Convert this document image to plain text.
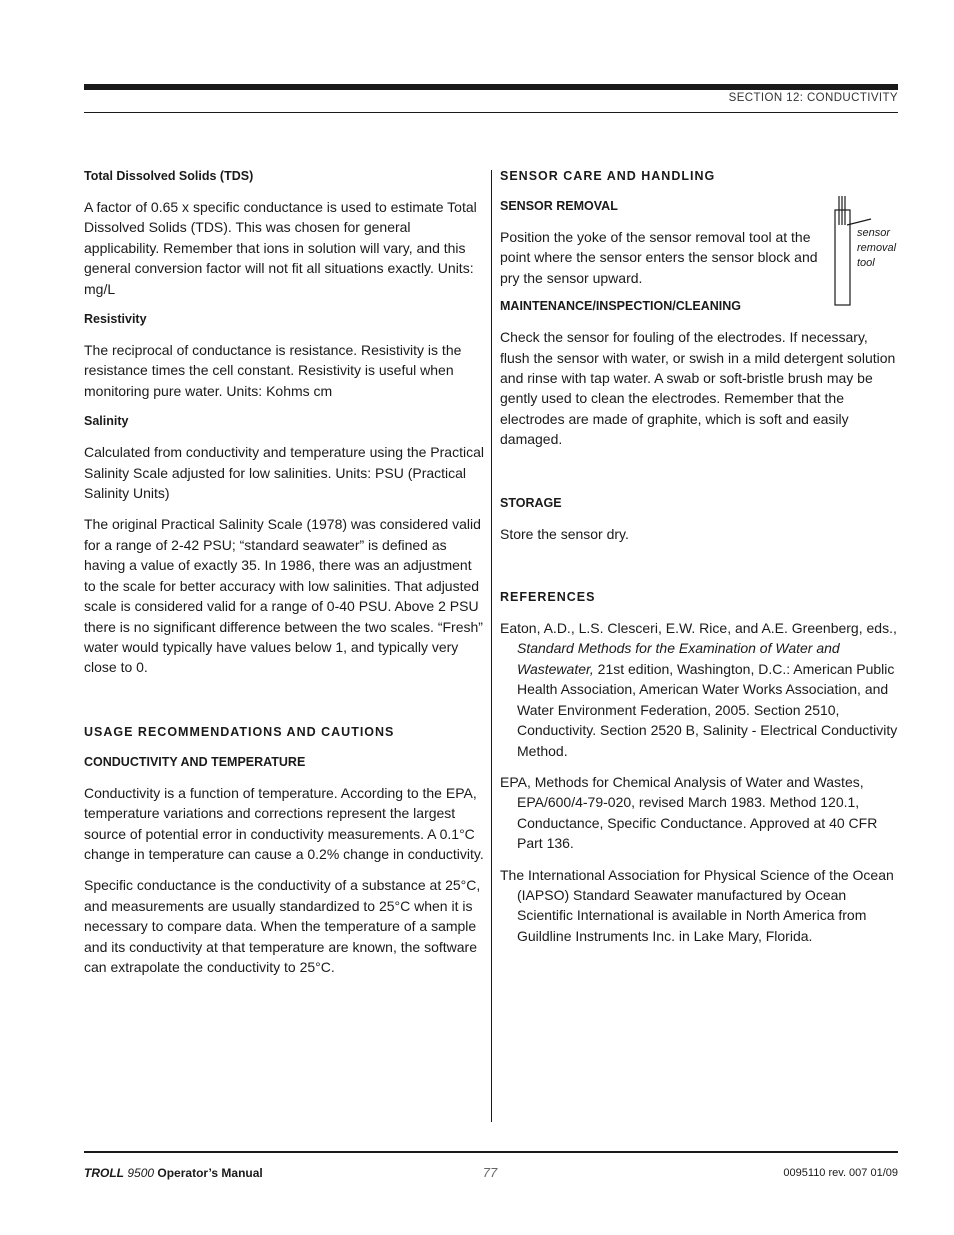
SECTION 12: CONDUCTIVITY
Total Dissolved Solids (TDS)

A factor of 0.65 x specific conductance is used to estimate Total Dissolved Solids (TDS). This was chosen for general applicability. Remember that ions in solution will vary, and this general conversion factor will not fit all situations exactly. Units: mg/L

Resistivity

The reciprocal of conductance is resistance. Resistivity is the resistance times the cell constant. Resistivity is useful when monitoring pure water. Units: Kohms cm

Salinity

Calculated from conductivity and temperature using the Practical Salinity Scale adjusted for low salinities. Units: PSU (Practical Salinity Units)

The original Practical Salinity Scale (1978) was considered valid for a range of 2-42 PSU; “standard seawater” is defined as having a value of exactly 35. In 1986, there was an adjustment to the scale for better accuracy with low salinities. That adjusted scale is considered valid for a range of 0-40 PSU. Above 2 PSU there is no significant difference between the two scales. “Fresh” water would typically have values below 1, and typically very close to 0.

USAGE RECOMMENDATIONS AND CAUTIONS
CONDUCTIVITY AND TEMPERATURE

Conductivity is a function of temperature. According to the EPA, temperature variations and corrections represent the largest source of potential error in conductivity measurements. A 0.1°C change in temperature can cause a 0.2% change in conductivity.

Specific conductance is the conductivity of a substance at 25°C, and measurements are usually standardized to 25°C when it is necessary to compare data. When the temperature of a sample and its conductivity at that temperature are known, the software can extrapolate the conductivity to 25°C.

SENSOR CARE AND HANDLING
SENSOR REMOVAL

Position the yoke of the sensor removal tool at the point where the sensor enters the sensor block and pry the sensor upward.

sensor
removal
tool
MAINTENANCE/INSPECTION/CLEANING

Check the sensor for fouling of the electrodes. If necessary, flush the sensor with water, or swish in a mild detergent solution and rinse with tap water. A swab or soft-bristle brush may be gently used to clean the electrodes. Remember that the electrodes are made of graphite, which is soft and easily damaged.

STORAGE

Store the sensor dry.

REFERENCES

Eaton, A.D., L.S. Clesceri, E.W. Rice, and A.E. Greenberg, eds., Standard Methods for the Examination of Water and Wastewater, 21st edition, Washington, D.C.: American Public Health Association, American Water Works Association, and Water Environment Federation, 2005. Section 2510, Conductivity. Section 2520 B, Salinity - Electrical Conductivity Method.

EPA, Methods for Chemical Analysis of Water and Wastes, EPA/600/4-79-020, revised March 1983. Method 120.1, Conductance, Specific Conductance. Approved at 40 CFR Part 136.

The International Association for Physical Science of the Ocean (IAPSO) Standard Seawater manufactured by Ocean Scientific International is available in North America from Guildline Instruments Inc. in Lake Mary, Florida.

TROLL 9500 Operator’s Manual	77	0095110 rev. 007 01/09
